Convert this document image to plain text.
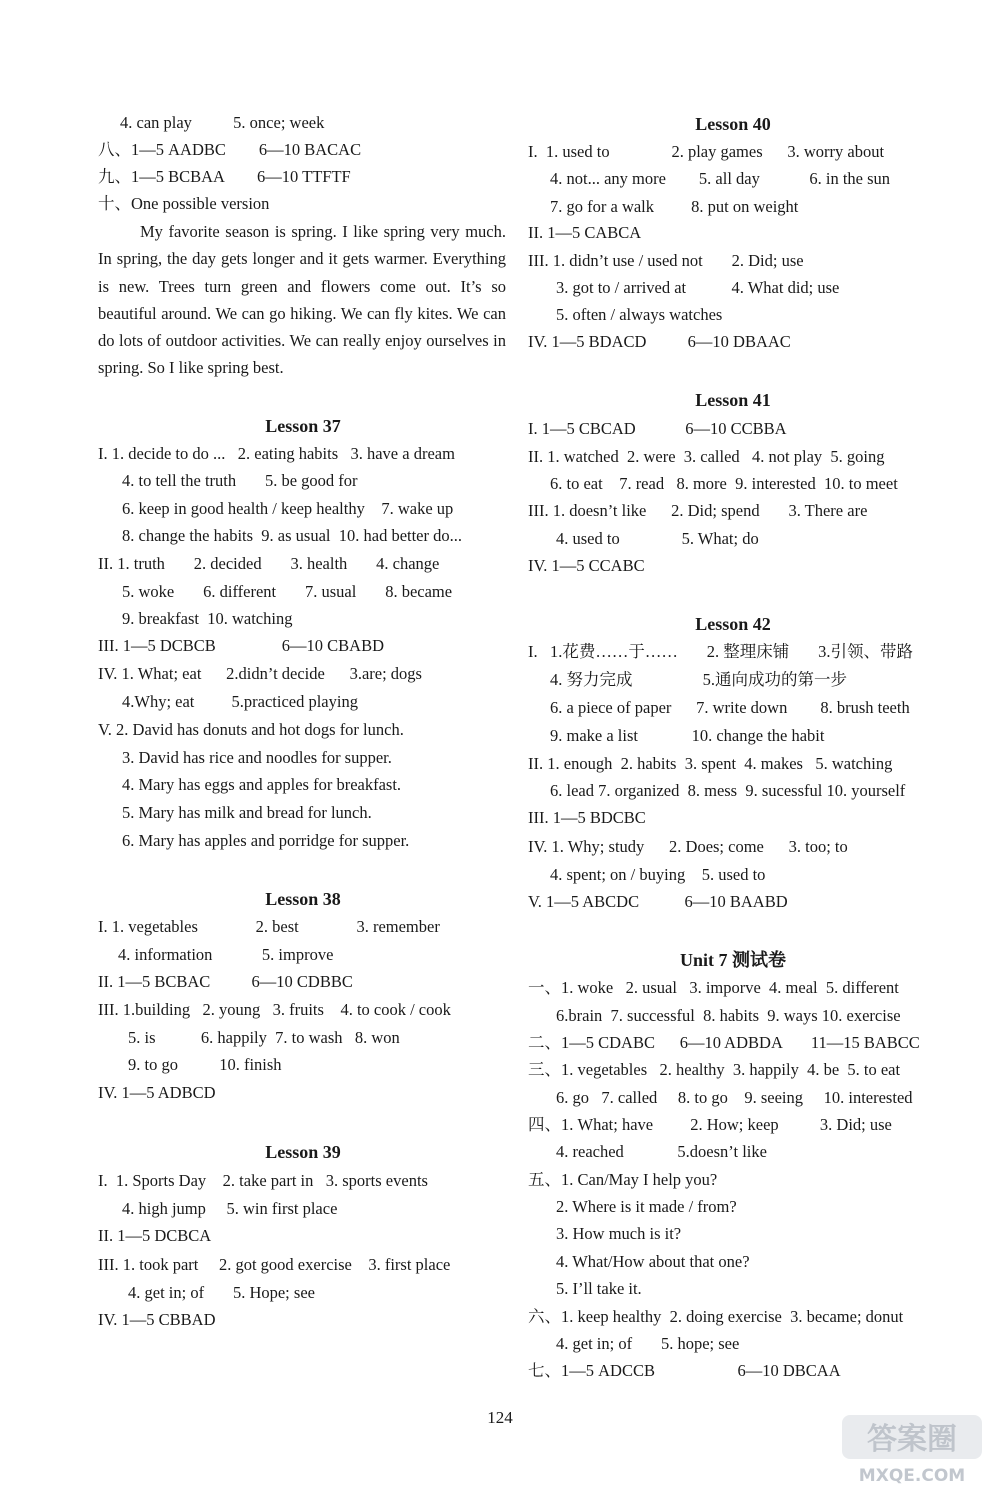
4. can play          5. once; week
八、1—5 AADBC        6—10 BACAC
九、1—5 BCBAA        6—10 TTFTF
十、One possible version
My favorite season is spring. I like spring very much. In spring, the day gets longer and it gets warmer. Everything is new. Trees turn green and flowers come out. It’s so beautiful around. We can go hiking. We can fly kites. We can do lots of outdoor activities. We can really enjoy ourselves in spring. So I like spring best.
Lesson 37
I. 1. decide to do ...   2. eating habits   3. have a dream
4. to tell the truth       5. be good for
6. keep in good health / keep healthy    7. wake up
8. change the habits  9. as usual  10. had better do...
II. 1. truth       2. decided       3. health       4. change
5. woke       6. different       7. usual       8. became
9. breakfast  10. watching
III. 1—5 DCBCB                6—10 CBABD
IV. 1. What; eat      2.didn’t decide      3.are; dogs
4.Why; eat         5.practiced playing
V. 2. David has donuts and hot dogs for lunch.
3. David has rice and noodles for supper.
4. Mary has eggs and apples for breakfast.
5. Mary has milk and bread for lunch.
6. Mary has apples and porridge for supper.
Lesson 38
I. 1. vegetables              2. best              3. remember
4. information            5. improve
II. 1—5 BCBAC          6—10 CDBBC
III. 1.building   2. young   3. fruits    4. to cook / cook
5. is           6. happily  7. to wash   8. won
9. to go          10. finish
IV. 1—5 ADBCD
Lesson 39
I.  1. Sports Day    2. take part in   3. sports events
4. high jump     5. win first place
II. 1—5 DCBCA
III. 1. took part     2. got good exercise    3. first place
4. get in; of       5. Hope; see
IV. 1—5 CBBAD
Lesson 40
I.  1. used to               2. play games      3. worry about
4. not... any more        5. all day            6. in the sun
7. go for a walk         8. put on weight
II. 1—5 CABCA
III. 1. didn’t use / used not       2. Did; use
3. got to / arrived at           4. What did; use
5. often / always watches
IV. 1—5 BDACD          6—10 DBAAC
Lesson 41
I. 1—5 CBCAD            6—10 CCBBA
II. 1. watched  2. were  3. called   4. not play  5. going
6. to eat    7. read   8. more  9. interested  10. to meet
III. 1. doesn’t like      2. Did; spend       3. There are
4. used to               5. What; do
IV. 1—5 CCABC
Lesson 42
I.   1.花费……于……       2. 整理床铺       3.引领、带路
4. 努力完成                 5.通向成功的第一步
6. a piece of paper      7. write down        8. brush teeth
9. make a list             10. change the habit
II. 1. enough  2. habits  3. spent  4. makes   5. watching
6. lead 7. organized  8. mess  9. sucessful 10. yourself
III. 1—5 BDCBC
IV. 1. Why; study      2. Does; come      3. too; to
4. spent; on / buying    5. used to
V. 1—5 ABCDC           6—10 BAABD
Unit 7 测试卷
一、1. woke   2. usual   3. imporve  4. meal  5. different
6.brain  7. successful  8. habits  9. ways 10. exercise
二、1—5 CDABC      6—10 ADBDA       11—15 BABCC
三、1. vegetables   2. healthy  3. happily  4. be  5. to eat
6. go   7. called     8. to go    9. seeing     10. interested
四、1. What; have         2. How; keep          3. Did; use
4. reached             5.doesn’t like
五、1. Can/May I help you?
2. Where is it made / from?
3. How much is it?
4. What/How about that one?
5. I’ll take it.
六、1. keep healthy  2. doing exercise  3. became; donut
4. get in; of       5. hope; see
七、1—5 ADCCB                    6—10 DBCAA
124
答案圈
MXQE.COM
